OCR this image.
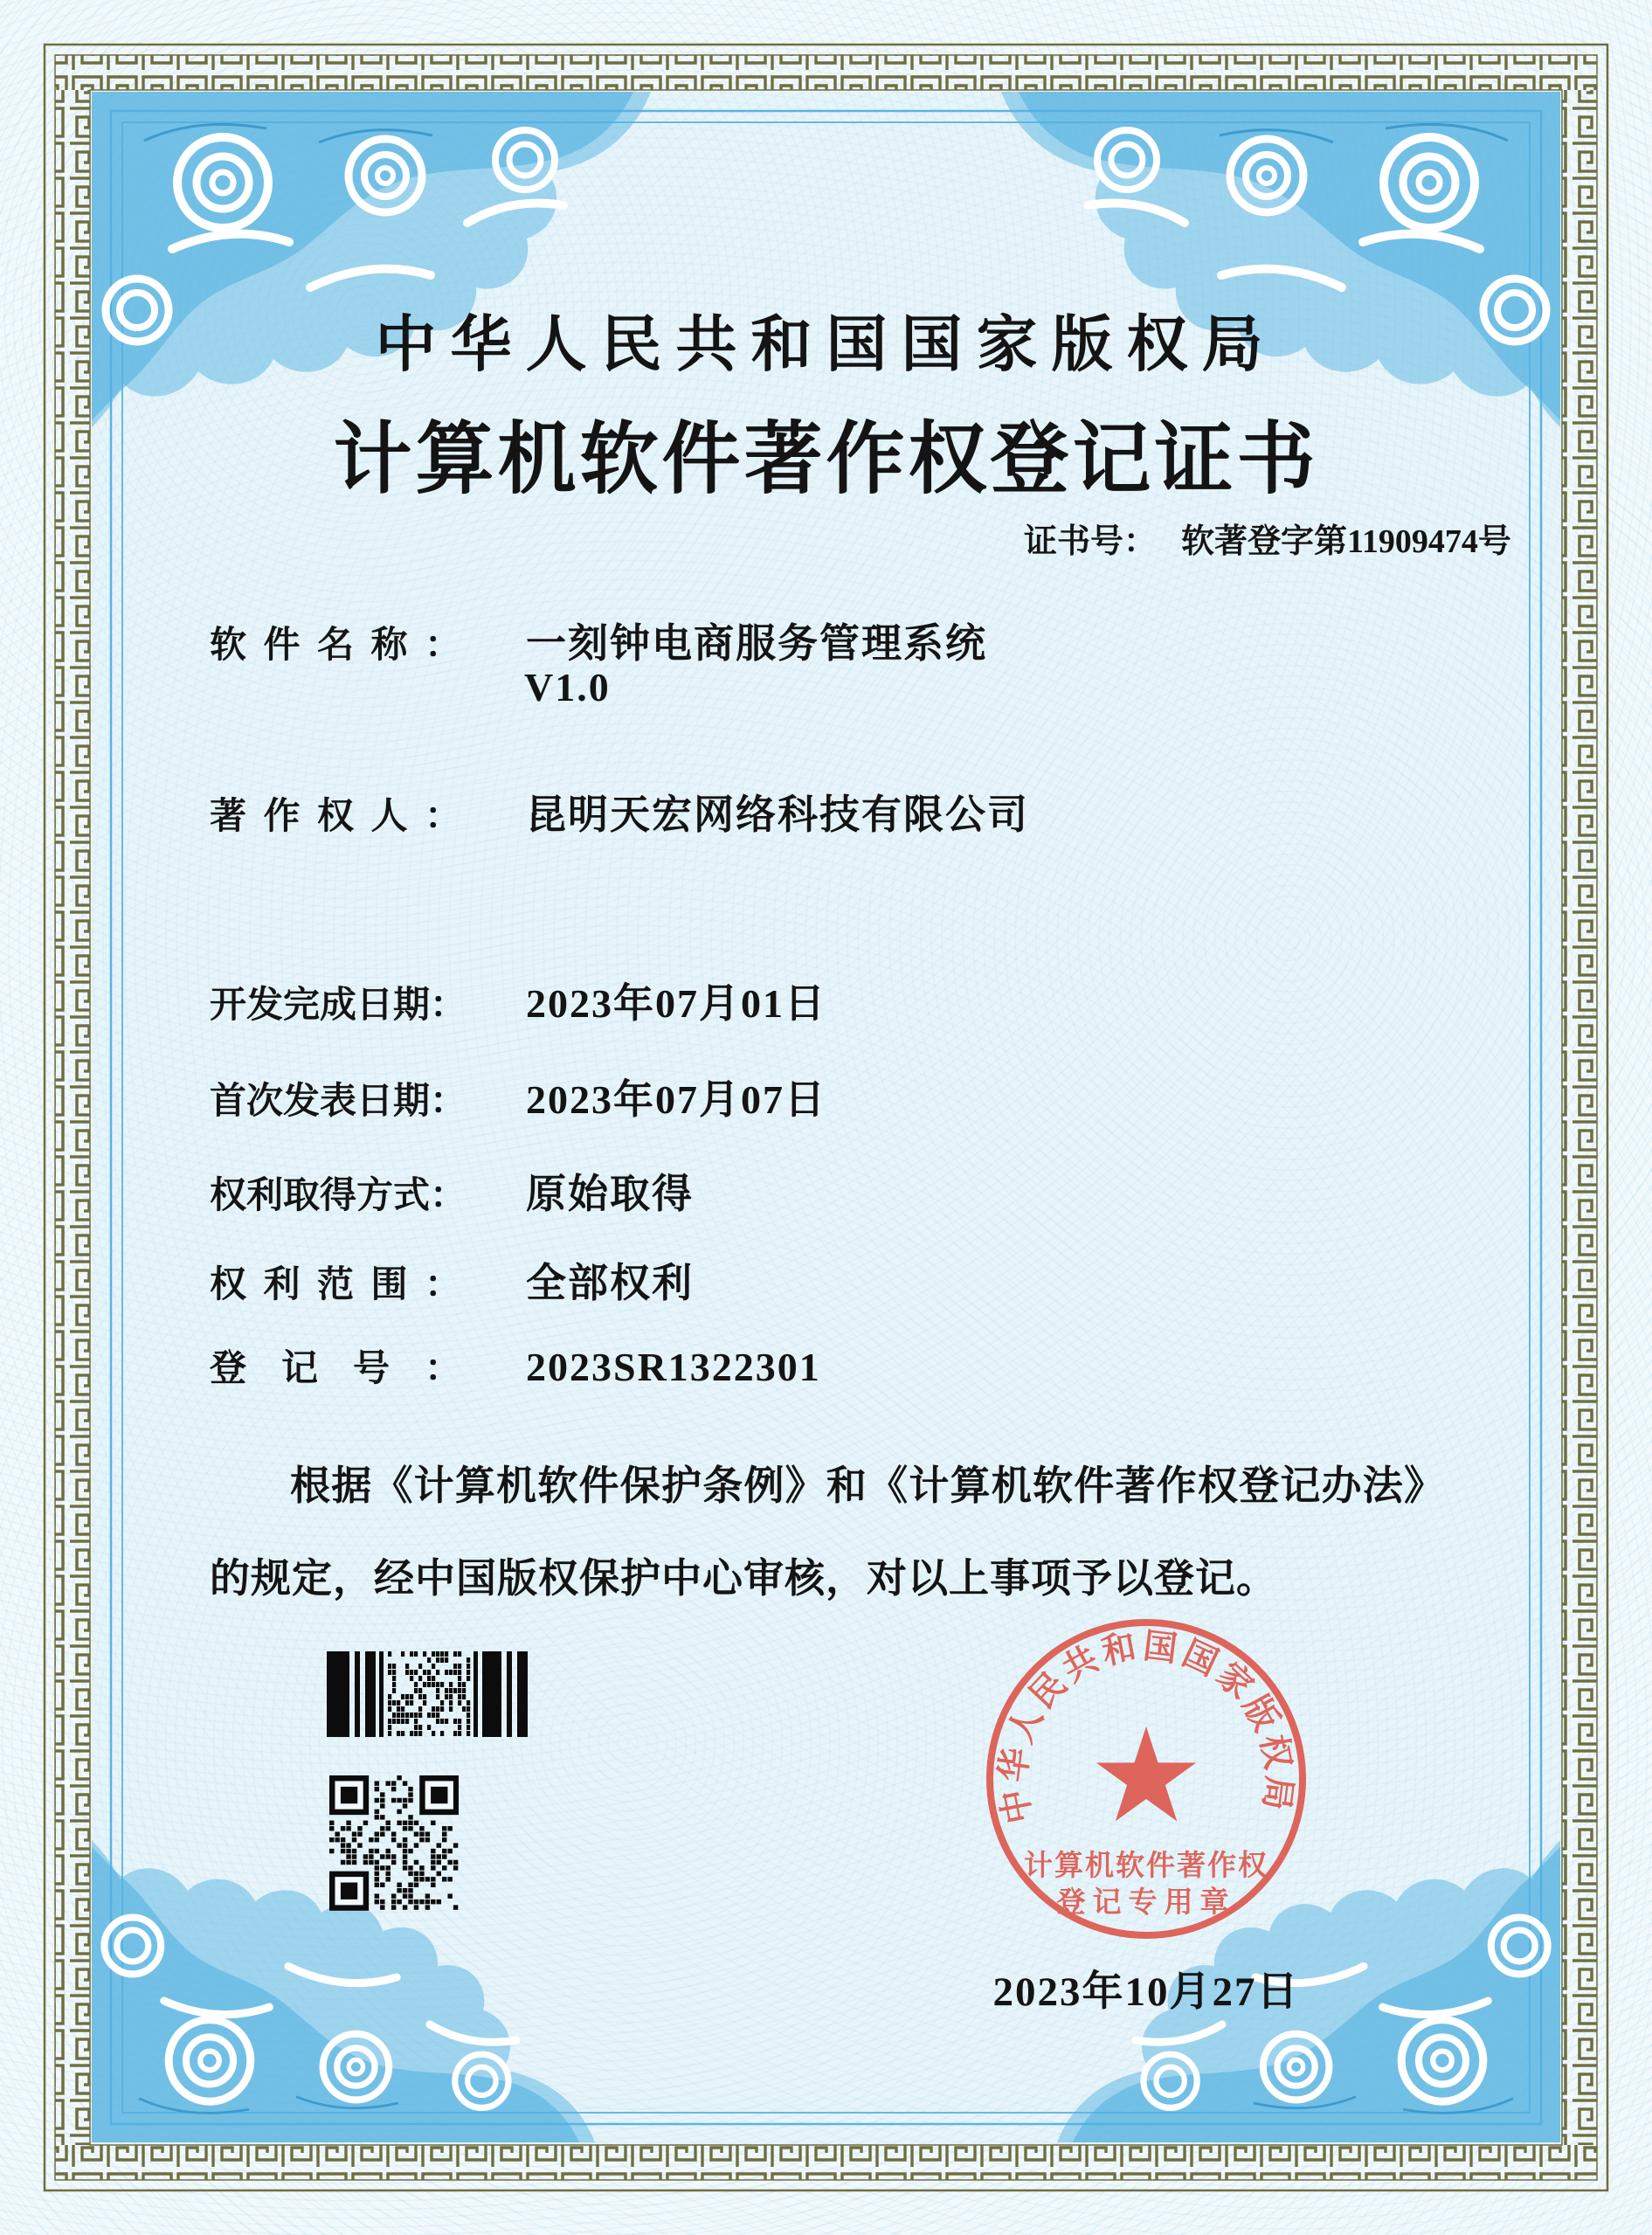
中华人民共和国国家版权局
计算机软件著作权登记证书
证书号： 软著登字第11909474号
软件名称： 一刻钟电商服务管理系统
V1.0
著作权人： 昆明天宏网络科技有限公司
开发完成日期： 2023年07月01日
首次发表日期： 2023年07月07日
权利取得方式： 原始取得
权利范围： 全部权利
登记号： 2023SR1322301
根据《计算机软件保护条例》和《计算机软件著作权登记办法》的规定，经中国版权保护中心审核，对以上事项予以登记。
中华人民共和国国家版权局
计算机软件著作权
登记专用章
2023年10月27日
